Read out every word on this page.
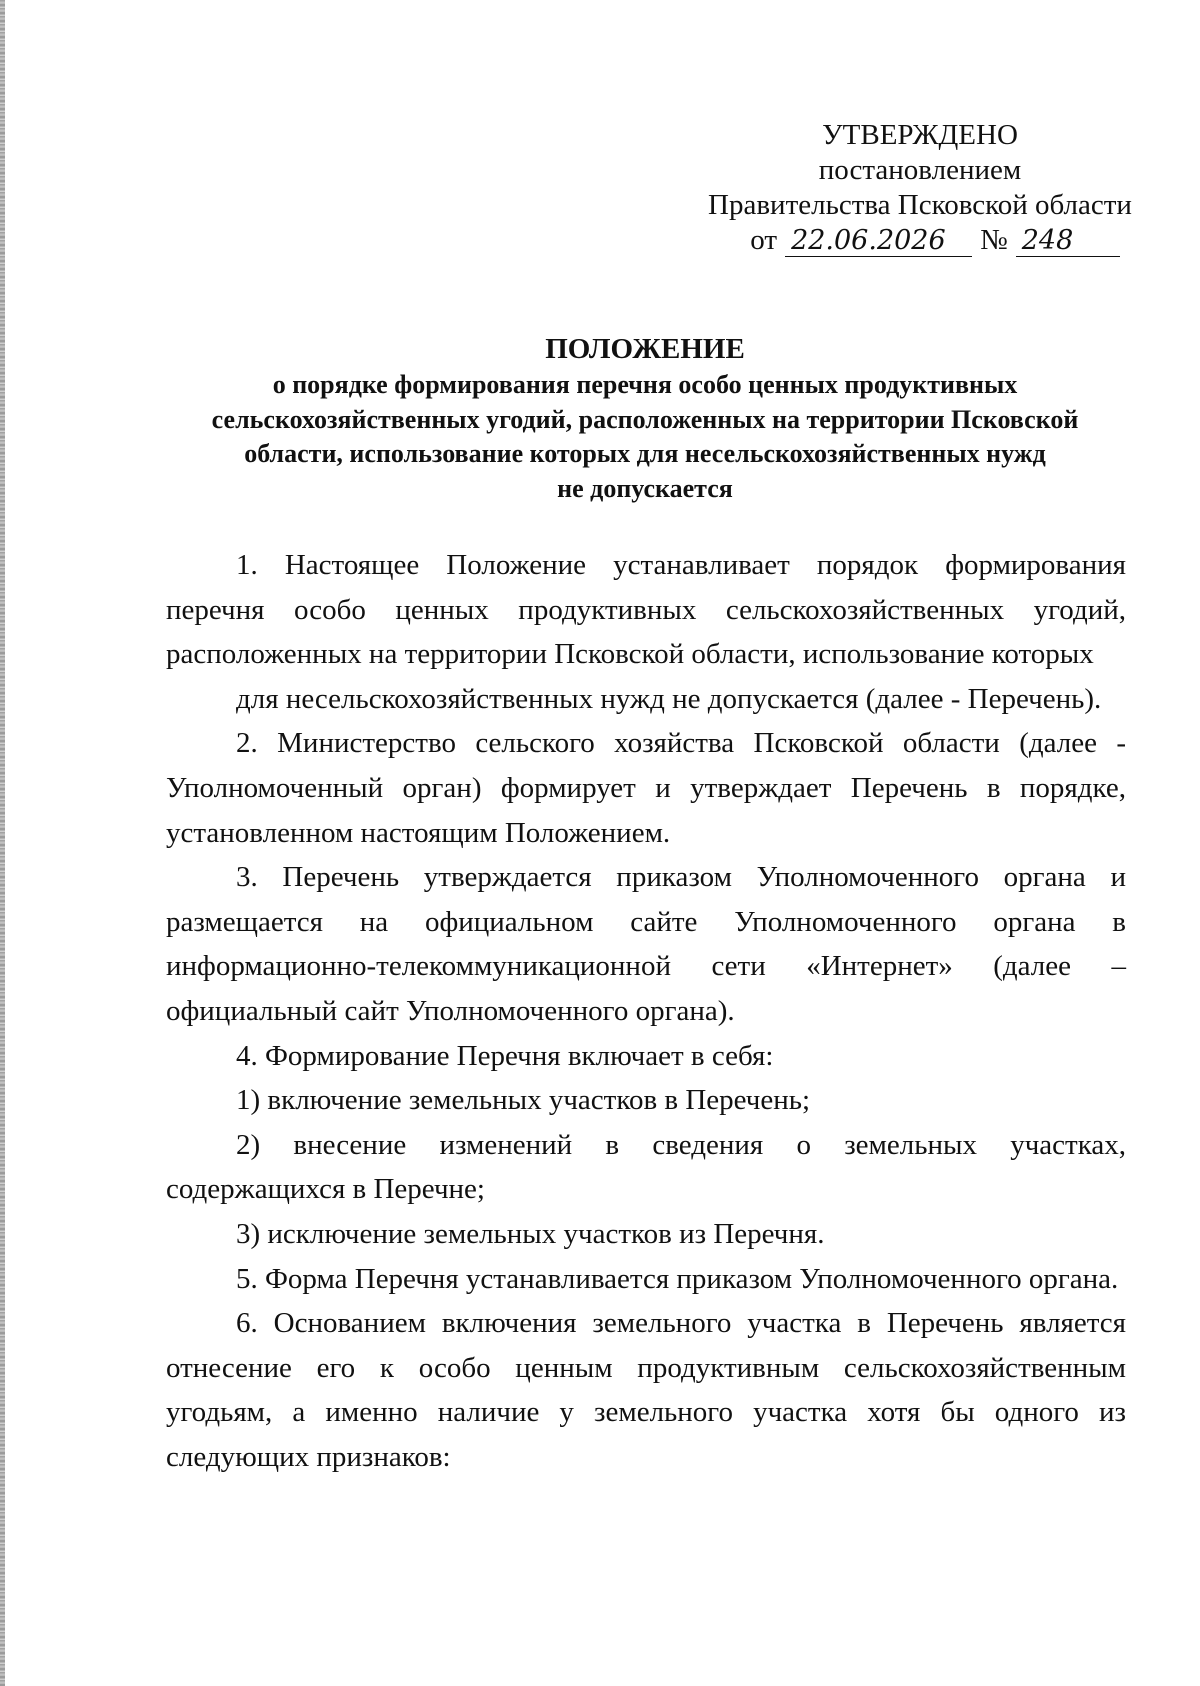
УТВЕРЖДЕНО
постановлением
Правительства Псковской области
от 22.06.2026	№ 248
ПОЛОЖЕНИЕ
о порядке формирования перечня особо ценных продуктивных
сельскохозяйственных угодий, расположенных на территории Псковской
области, использование которых для несельскохозяйственных нужд
не допускается

1. Настоящее Положение устанавливает порядок формирования перечня особо ценных продуктивных сельскохозяйственных угодий, расположенных на территории Псковской области, использование которых

для несельскохозяйственных нужд не допускается (далее - Перечень).

2. Министерство сельского хозяйства Псковской области (далее - Уполномоченный орган) формирует и утверждает Перечень в порядке, установленном настоящим Положением.

3. Перечень утверждается приказом Уполномоченного органа и размещается на официальном сайте Уполномоченного органа в информационно-телекоммуникационной сети «Интернет» (далее – официальный сайт Уполномоченного органа).

4. Формирование Перечня включает в себя:

1) включение земельных участков в Перечень;

2) внесение изменений в сведения о земельных участках, содержащихся в Перечне;

3) исключение земельных участков из Перечня.

5. Форма Перечня устанавливается приказом Уполномоченного органа.

6. Основанием включения земельного участка в Перечень является отнесение его к особо ценным продуктивным сельскохозяйственным угодьям, а именно наличие у земельного участка хотя бы одного из следующих признаков:
